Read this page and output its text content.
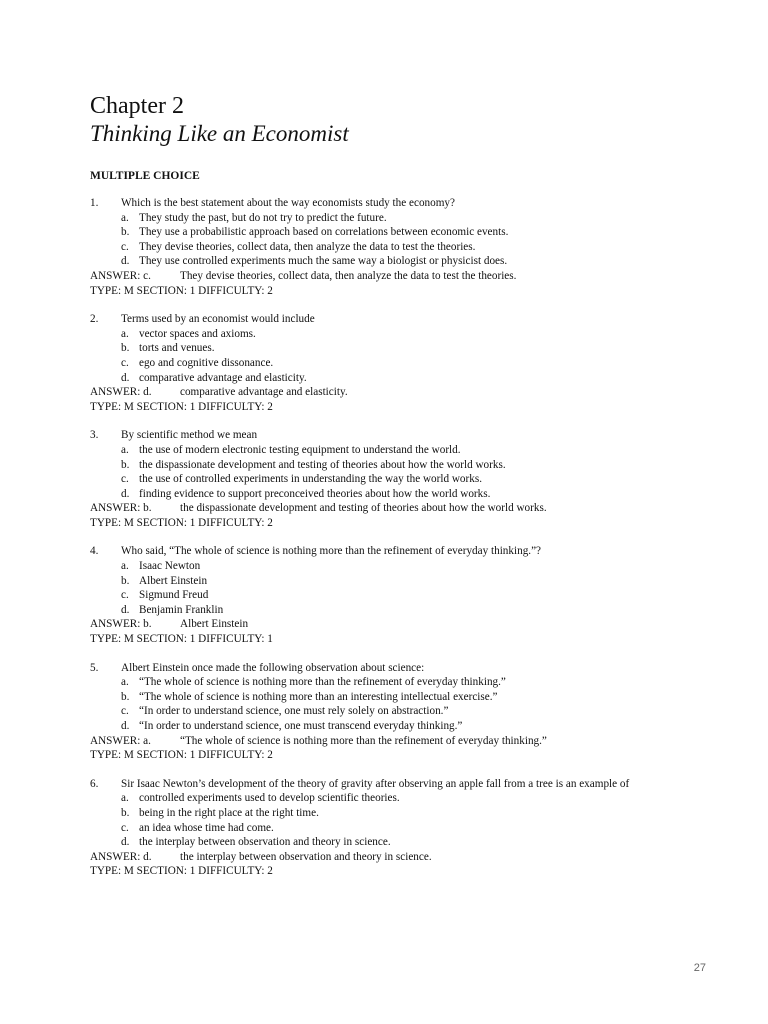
Chapter 2
Thinking Like an Economist
MULTIPLE CHOICE
1.	Which is the best statement about the way economists study the economy?
a. They study the past, but do not try to predict the future.
b. They use a probabilistic approach based on correlations between economic events.
c. They devise theories, collect data, then analyze the data to test the theories.
d. They use controlled experiments much the same way a biologist or physicist does.
ANSWER: c.	They devise theories, collect data, then analyze the data to test the theories.
TYPE: M SECTION: 1 DIFFICULTY: 2
2.	Terms used by an economist would include
a. vector spaces and axioms.
b. torts and venues.
c. ego and cognitive dissonance.
d. comparative advantage and elasticity.
ANSWER: d.	comparative advantage and elasticity.
TYPE: M SECTION: 1 DIFFICULTY: 2
3.	By scientific method we mean
a. the use of modern electronic testing equipment to understand the world.
b. the dispassionate development and testing of theories about how the world works.
c. the use of controlled experiments in understanding the way the world works.
d. finding evidence to support preconceived theories about how the world works.
ANSWER: b.	the dispassionate development and testing of theories about how the world works.
TYPE: M SECTION: 1 DIFFICULTY: 2
4.	Who said, “The whole of science is nothing more than the refinement of everyday thinking.”?
a. Isaac Newton
b. Albert Einstein
c. Sigmund Freud
d. Benjamin Franklin
ANSWER: b.	Albert Einstein
TYPE: M SECTION: 1 DIFFICULTY: 1
5.	Albert Einstein once made the following observation about science:
a. “The whole of science is nothing more than the refinement of everyday thinking.”
b. “The whole of science is nothing more than an interesting intellectual exercise.”
c. “In order to understand science, one must rely solely on abstraction.”
d. “In order to understand science, one must transcend everyday thinking.”
ANSWER: a.	“The whole of science is nothing more than the refinement of everyday thinking.”
TYPE: M SECTION: 1 DIFFICULTY: 2
6.	Sir Isaac Newton’s development of the theory of gravity after observing an apple fall from a tree is an example of
a. controlled experiments used to develop scientific theories.
b. being in the right place at the right time.
c. an idea whose time had come.
d. the interplay between observation and theory in science.
ANSWER: d.	the interplay between observation and theory in science.
TYPE: M SECTION: 1 DIFFICULTY: 2
27
